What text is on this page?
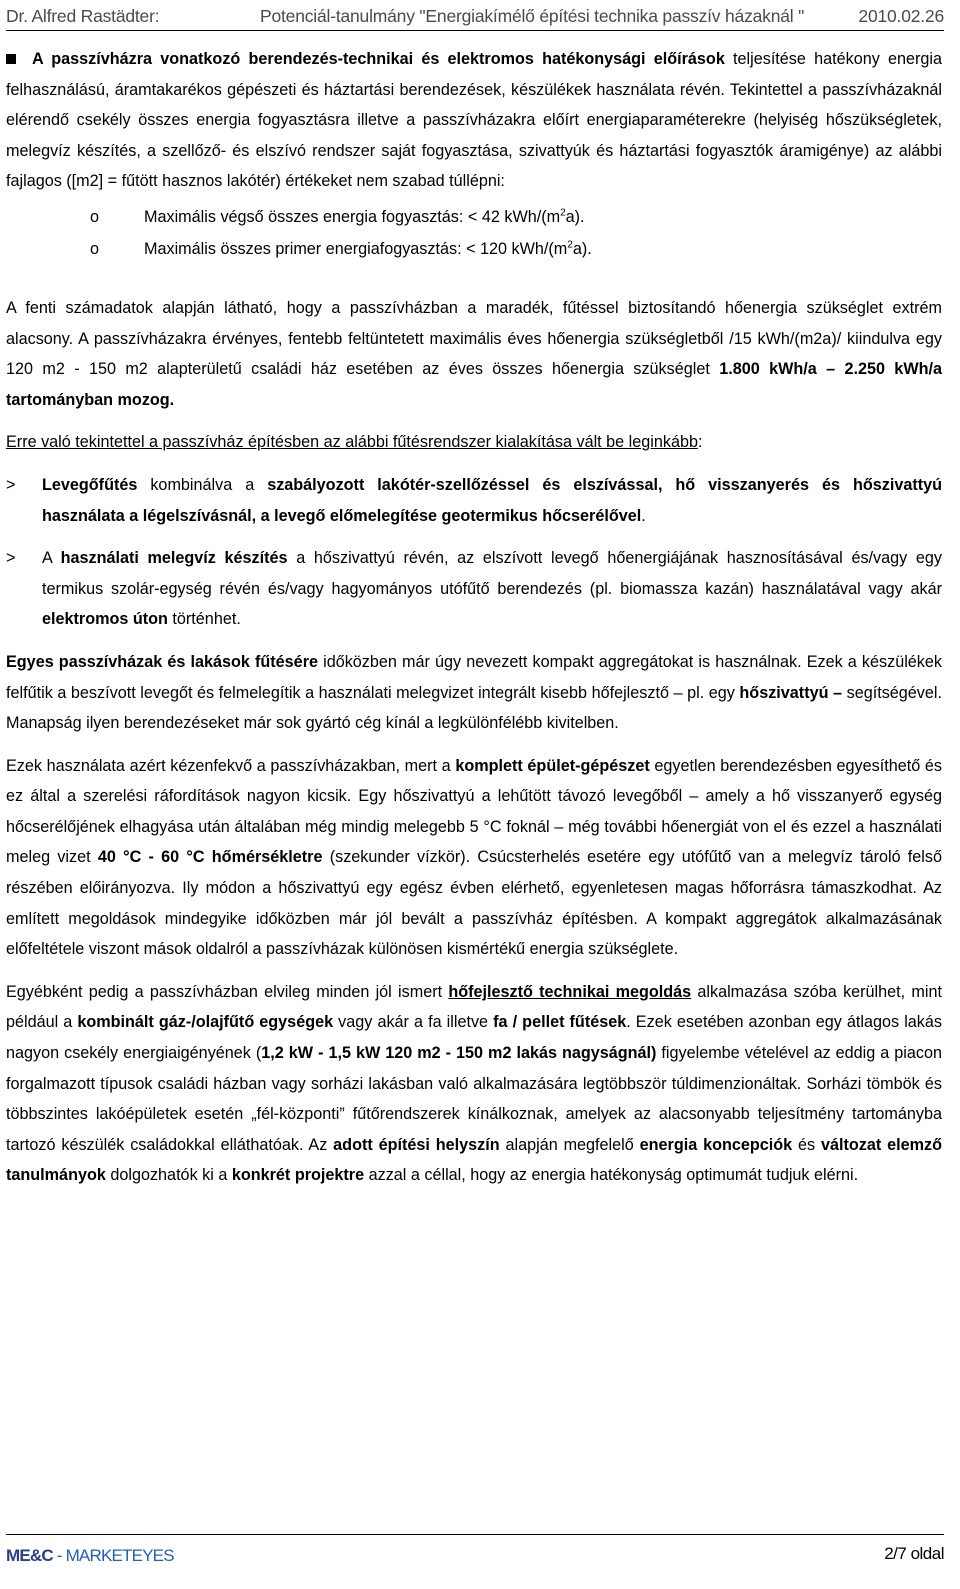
Dr. Alfred Rastädter:	Potenciál-tanulmány "Energiakímélő építési technika passzív házaknál "	2010.02.26

A passzívházra vonatkozó berendezés-technikai és elektromos hatékonysági előírások teljesítése hatékony energia felhasználású, áramtakarékos gépészeti és háztartási berendezések, készülékek használata révén. Tekintettel a passzívházaknál elérendő csekély összes energia fogyasztásra illetve a passzívházakra előírt energiaparaméterekre (helyiség hőszükségletek, melegvíz készítés, a szellőző- és elszívó rendszer saját fogyasztása, szivattyúk és háztartási fogyasztók áramigénye) az alábbi fajlagos ([m2] = fűtött hasznos lakótér) értékeket nem szabad túllépni:

o	Maximális végső összes energia fogyasztás: < 42 kWh/$(m^2a)$.
o	Maximális összes primer energiafogyasztás: < 120 kWh/$(m^2a)$.

A fenti számadatok alapján látható, hogy a passzívházban a maradék, fűtéssel biztosítandó hőenergia szükséglet extrém alacsony. A passzívházakra érvényes, fentebb feltüntetett maximális éves hőenergia szükségletből /15 kWh/(m2a)/ kiindulva egy 120 m2 - 150 m2 alapterületű családi ház esetében az éves összes hőenergia szükséglet 1.800 kWh/a – 2.250 kWh/a tartományban mozog.

Erre való tekintettel a passzívház építésben az alábbi fűtésrendszer kialakítása vált be leginkább:

> Levegőfűtés kombinálva a szabályozott lakótér-szellőzéssel és elszívással, hő visszanyerés és hőszivattyú használata a légelszívásnál, a levegő előmelegítése geotermikus hőcserélővel.

> A használati melegvíz készítés a hőszivattyú révén, az elszívott levegő hőenergiájának hasznosításával és/vagy egy termikus szolár-egység révén és/vagy hagyományos utófűtő berendezés (pl. biomassza kazán) használatával vagy akár elektromos úton történhet.

Egyes passzívházak és lakások fűtésére időközben már úgy nevezett kompakt aggregátokat is használnak. Ezek a készülékek felfűtik a beszívott levegőt és felmelegítik a használati melegvizet integrált kisebb hőfejlesztő – pl. egy hőszivattyú – segítségével. Manapság ilyen berendezéseket már sok gyártó cég kínál a legkülönfélébb kivitelben.

Ezek használata azért kézenfekvő a passzívházakban, mert a komplett épület-gépészet egyetlen berendezésben egyesíthető és ez által a szerelési ráfordítások nagyon kicsik. Egy hőszivattyú a lehűtött távozó levegőből – amely a hő visszanyerő egység hőcserélőjének elhagyása után általában még mindig melegebb 5 °C foknál – még további hőenergiát von el és ezzel a használati meleg vizet 40 °C - 60 °C hőmérsékletre (szekunder vízkör). Csúcsterhelés esetére egy utófűtő van a melegvíz tároló felső részében előirányozva. Ily módon a hőszivattyú egy egész évben elérhető, egyenletesen magas hőforrásra támaszkodhat. Az említett megoldások mindegyike időközben már jól bevált a passzívház építésben. A kompakt aggregátok alkalmazásának előfeltétele viszont mások oldalról a passzívházak különösen kismértékű energia szükséglete.

Egyébként pedig a passzívházban elvileg minden jól ismert hőfejlesztő technikai megoldás alkalmazása szóba kerülhet, mint például a kombinált gáz-/olajfűtő egységek vagy akár a fa illetve fa / pellet fűtések. Ezek esetében azonban egy átlagos lakás nagyon csekély energiaigényének (1,2 kW - 1,5 kW 120 m2 - 150 m2 lakás nagyságnál) figyelembe vételével az eddig a piacon forgalmazott típusok családi házban vagy sorházi lakásban való alkalmazására legtöbbször túldimenzionáltak. Sorházi tömbök és többszintes lakóépületek esetén „fél-központi” fűtőrendszerek kínálkoznak, amelyek az alacsonyabb teljesítmény tartományba tartozó készülék családokkal elláthatóak. Az adott építési helyszín alapján megfelelő energia koncepciók és változat elemző tanulmányok dolgozhatók ki a konkrét projektre azzal a céllal, hogy az energia hatékonyság optimumát tudjuk elérni.

ME&C - MARKETEYES	2/7 oldal
